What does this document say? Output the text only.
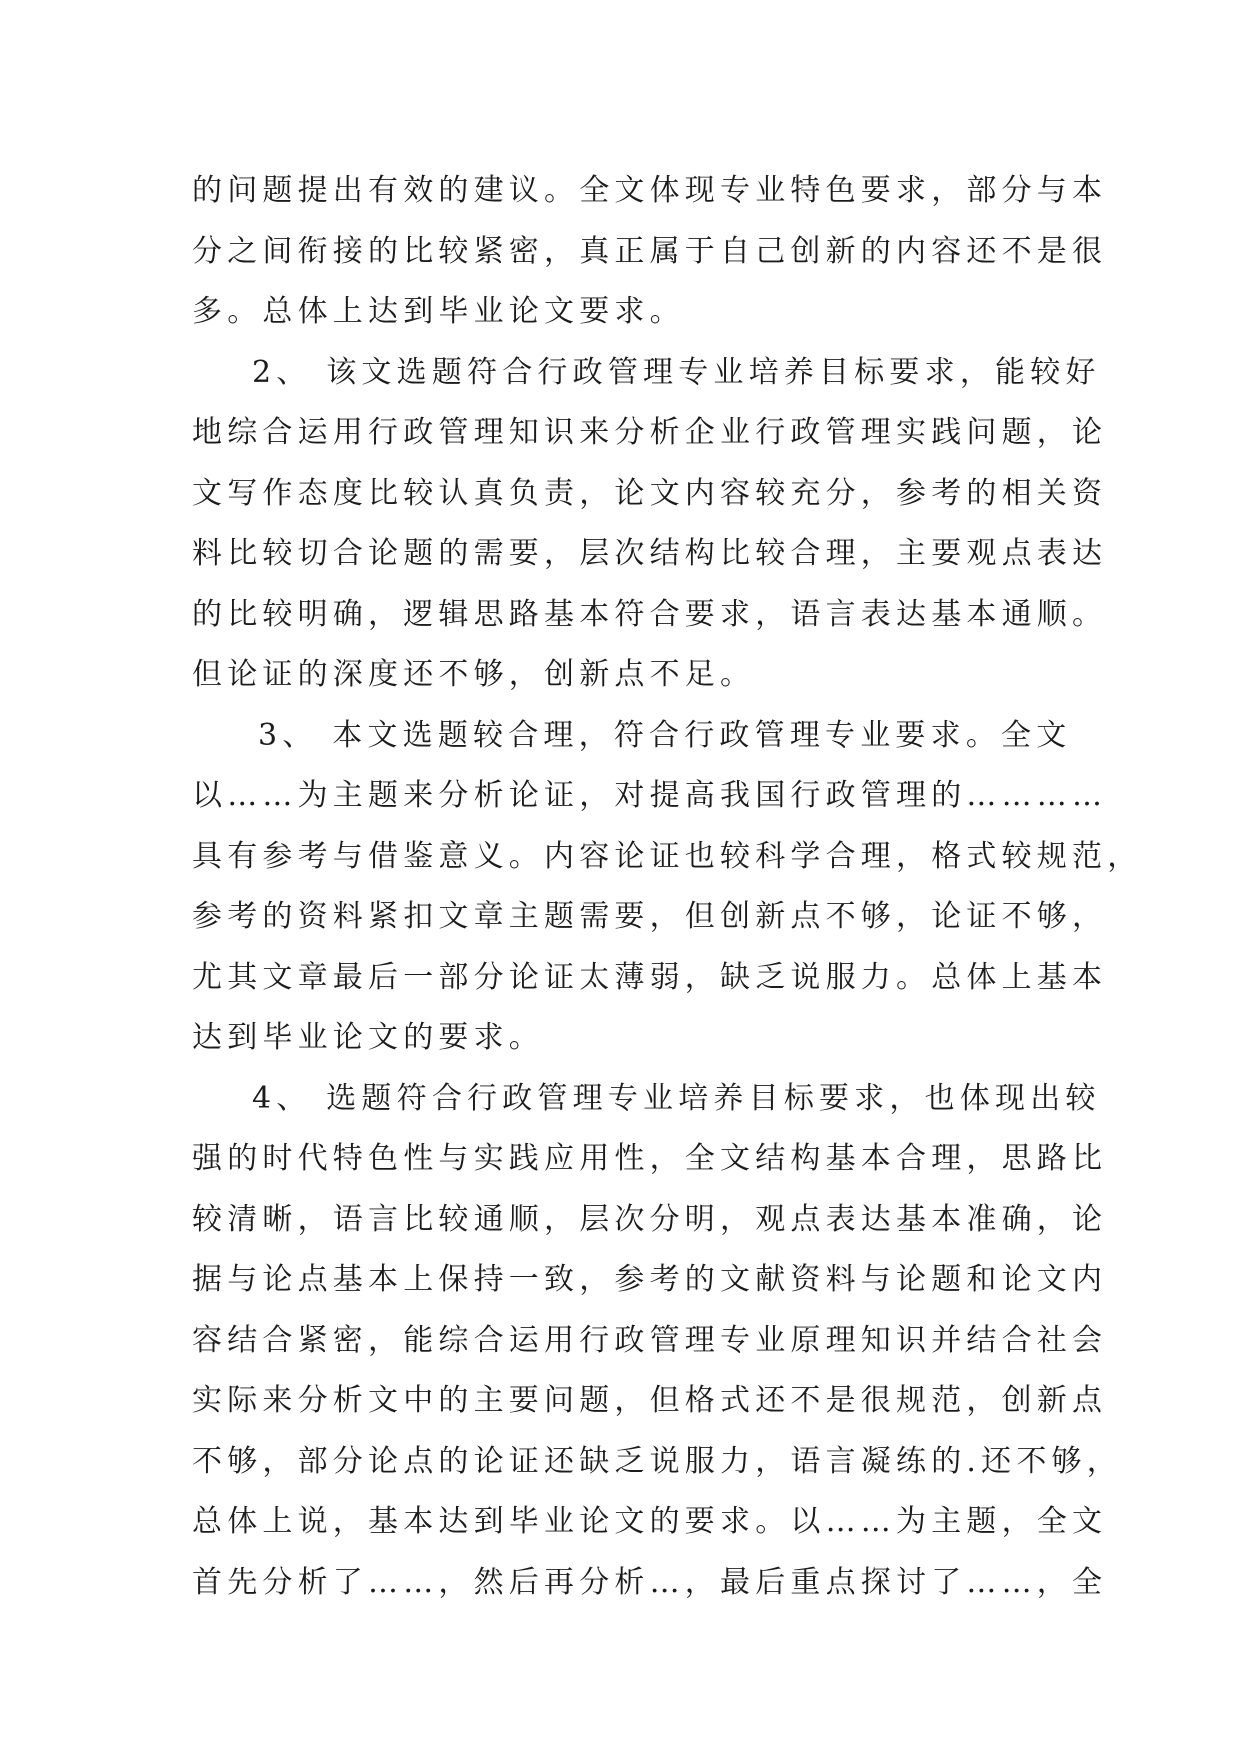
的问题提出有效的建议。全文体现专业特色要求，部分与本
分之间衔接的比较紧密，真正属于自己创新的内容还不是很
多。总体上达到毕业论文要求。
2、 该文选题符合行政管理专业培养目标要求，能较好
地综合运用行政管理知识来分析企业行政管理实践问题，论
文写作态度比较认真负责，论文内容较充分，参考的相关资
料比较切合论题的需要，层次结构比较合理，主要观点表达
的比较明确，逻辑思路基本符合要求，语言表达基本通顺。
但论证的深度还不够，创新点不足。
3、 本文选题较合理，符合行政管理专业要求。全文
以……为主题来分析论证，对提高我国行政管理的…………
具有参考与借鉴意义。内容论证也较科学合理，格式较规范，
参考的资料紧扣文章主题需要，但创新点不够，论证不够，
尤其文章最后一部分论证太薄弱，缺乏说服力。总体上基本
达到毕业论文的要求。
4、 选题符合行政管理专业培养目标要求，也体现出较
强的时代特色性与实践应用性，全文结构基本合理，思路比
较清晰，语言比较通顺，层次分明，观点表达基本准确，论
据与论点基本上保持一致，参考的文献资料与论题和论文内
容结合紧密，能综合运用行政管理专业原理知识并结合社会
实际来分析文中的主要问题，但格式还不是很规范，创新点
不够，部分论点的论证还缺乏说服力，语言凝练的.还不够，
总体上说，基本达到毕业论文的要求。以……为主题，全文
首先分析了……，然后再分析…，最后重点探讨了……，全
